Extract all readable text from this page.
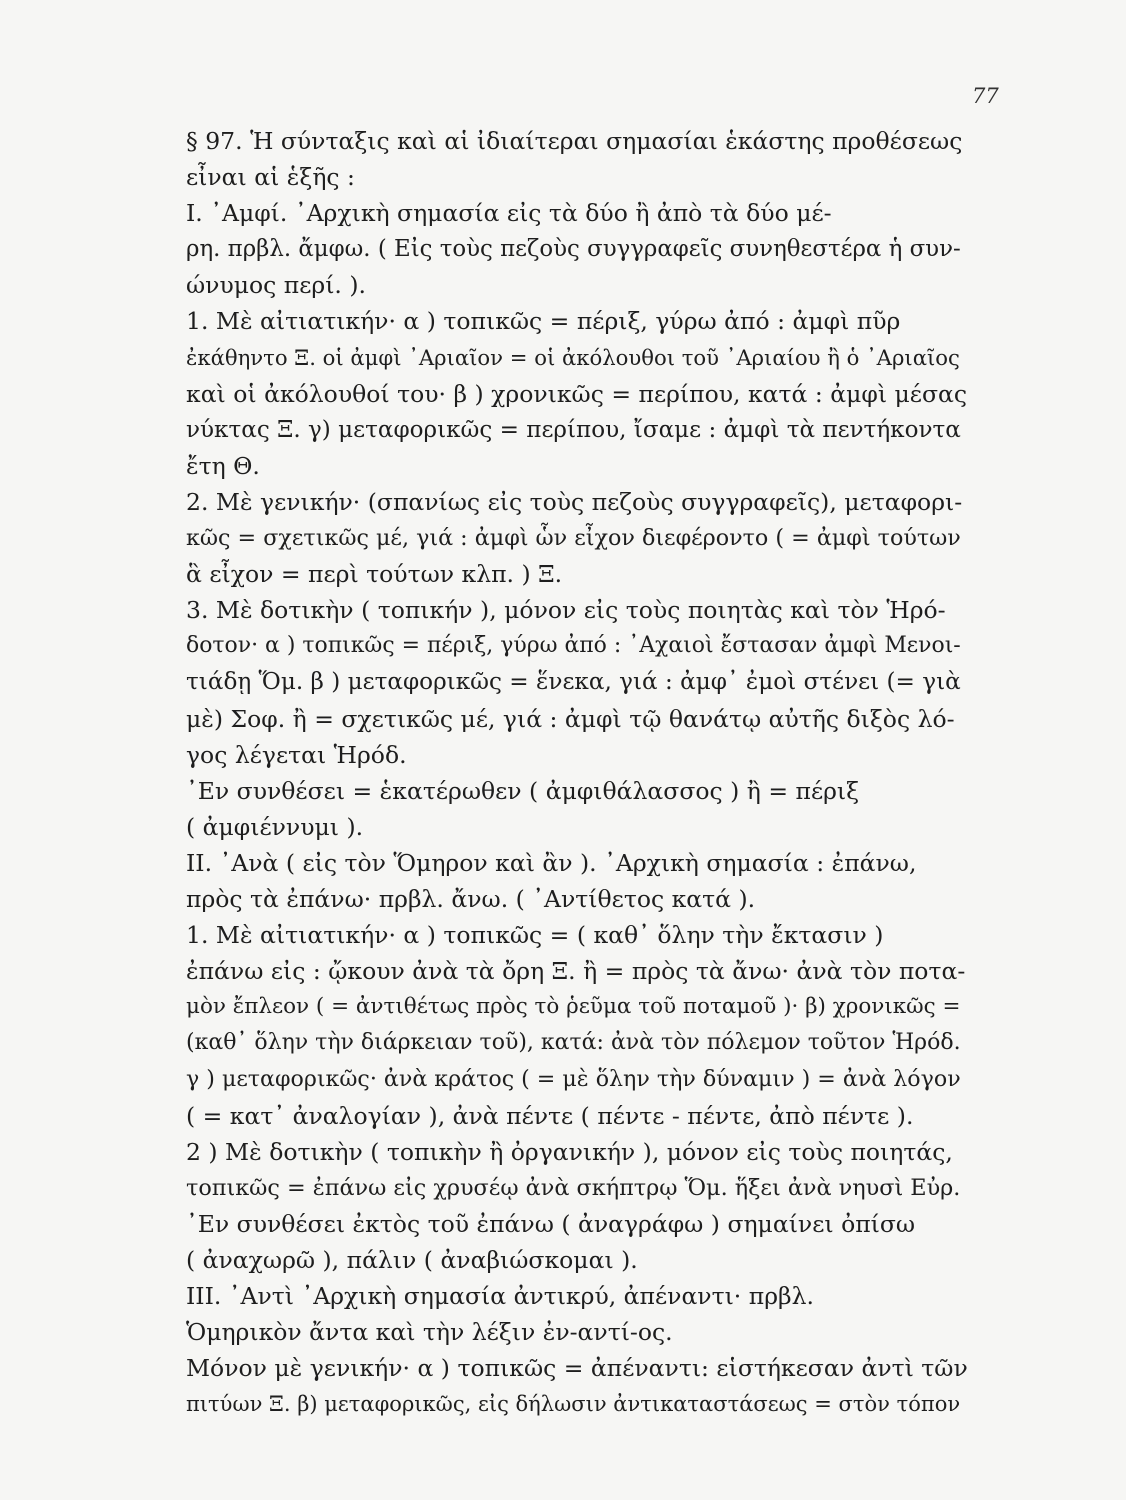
77
§ 97. Ἡ σύνταξις καὶ αἱ ἰδιαίτεραι σημασίαι ἑκάστης προθέσεως
εἶναι αἱ ἑξῆς :
I. ᾿Αμφί. ᾿Αρχικὴ σημασία εἰς τὰ δύο ἢ ἀπὸ τὰ δύο μέ-
ρη. πρβλ. ἄμφω. ( Εἰς τοὺς πεζοὺς συγγραφεῖς συνηθεστέρα ἡ συν-
ώνυμος περί. ).
1. Μὲ αἰτιατικήν· α ) τοπικῶς = πέριξ, γύρω ἀπό : ἀμφὶ πῦρ
ἐκάθηντο Ξ. οἱ ἀμφὶ ᾿Αριαῖον = οἱ ἀκόλουθοι τοῦ ᾿Αριαίου ἢ ὁ ᾿Αριαῖος
καὶ οἱ ἀκόλουθοί του· β ) χρονικῶς = περίπου, κατά : ἀμφὶ μέσας
νύκτας Ξ. γ) μεταφορικῶς = περίπου, ἴσαμε : ἀμφὶ τὰ πεντήκοντα
ἔτη Θ.
2. Μὲ γενικήν· (σπανίως εἰς τοὺς πεζοὺς συγγραφεῖς), μεταφορι-
κῶς = σχετικῶς μέ, γιά : ἀμφὶ ὧν εἶχον διεφέροντο ( = ἀμφὶ τούτων
ἃ εἶχον = περὶ τούτων κλπ. ) Ξ.
3. Μὲ δοτικὴν ( τοπικήν ), μόνον εἰς τοὺς ποιητὰς καὶ τὸν Ἡρό-
δοτον· α ) τοπικῶς = πέριξ, γύρω ἀπό : ᾿Αχαιοὶ ἔστασαν ἀμφὶ Μενοι-
τιάδῃ Ὅμ. β ) μεταφορικῶς = ἕνεκα, γιά : ἀμφ᾿ ἐμοὶ στένει (= γιὰ
μὲ) Σοφ. ἢ = σχετικῶς μέ, γιά : ἀμφὶ τῷ θανάτῳ αὐτῆς διξὸς λό-
γος λέγεται Ἡρόδ.
᾿Εν συνθέσει = ἑκατέρωθεν ( ἀμφιθάλασσος ) ἢ = πέριξ
( ἀμφιέννυμι ).
II. ᾿Ανὰ ( εἰς τὸν Ὅμηρον καὶ ἂν ). ᾿Αρχικὴ σημασία : ἐπάνω,
πρὸς τὰ ἐπάνω· πρβλ. ἄνω. ( ᾿Αντίθετος κατά ).
1. Μὲ αἰτιατικήν· α ) τοπικῶς = ( καθ᾿ ὅλην τὴν ἔκτασιν )
ἐπάνω εἰς : ᾤκουν ἀνὰ τὰ ὄρη Ξ. ἢ = πρὸς τὰ ἄνω· ἀνὰ τὸν ποτα-
μὸν ἔπλεον ( = ἀντιθέτως πρὸς τὸ ῥεῦμα τοῦ ποταμοῦ )· β) χρονικῶς =
(καθ᾿ ὅλην τὴν διάρκειαν τοῦ), κατά: ἀνὰ τὸν πόλεμον τοῦτον Ἡρόδ.
γ ) μεταφορικῶς· ἀνὰ κράτος ( = μὲ ὅλην τὴν δύναμιν ) = ἀνὰ λόγον
( = κατ᾿ ἀναλογίαν ), ἀνὰ πέντε ( πέντε - πέντε, ἀπὸ πέντε ).
2 ) Μὲ δοτικὴν ( τοπικὴν ἢ ὀργανικήν ), μόνον εἰς τοὺς ποιητάς,
τοπικῶς = ἐπάνω εἰς χρυσέῳ ἀνὰ σκήπτρῳ Ὅμ. ἥξει ἀνὰ νηυσὶ Εὐρ.
᾿Εν συνθέσει ἐκτὸς τοῦ ἐπάνω ( ἀναγράφω ) σημαίνει ὀπίσω
( ἀναχωρῶ ), πάλιν ( ἀναβιώσκομαι ).
III. ᾿Αντὶ ᾿Αρχικὴ σημασία ἀντικρύ, ἀπέναντι· πρβλ.
Ὁμηρικὸν ἄντα καὶ τὴν λέξιν ἐν-αντί-ος.
Μόνον μὲ γενικήν· α ) τοπικῶς = ἀπέναντι: εἱστήκεσαν ἀντὶ τῶν
πιτύων Ξ. β) μεταφορικῶς, εἰς δήλωσιν ἀντικαταστάσεως = στὸν τόπον
